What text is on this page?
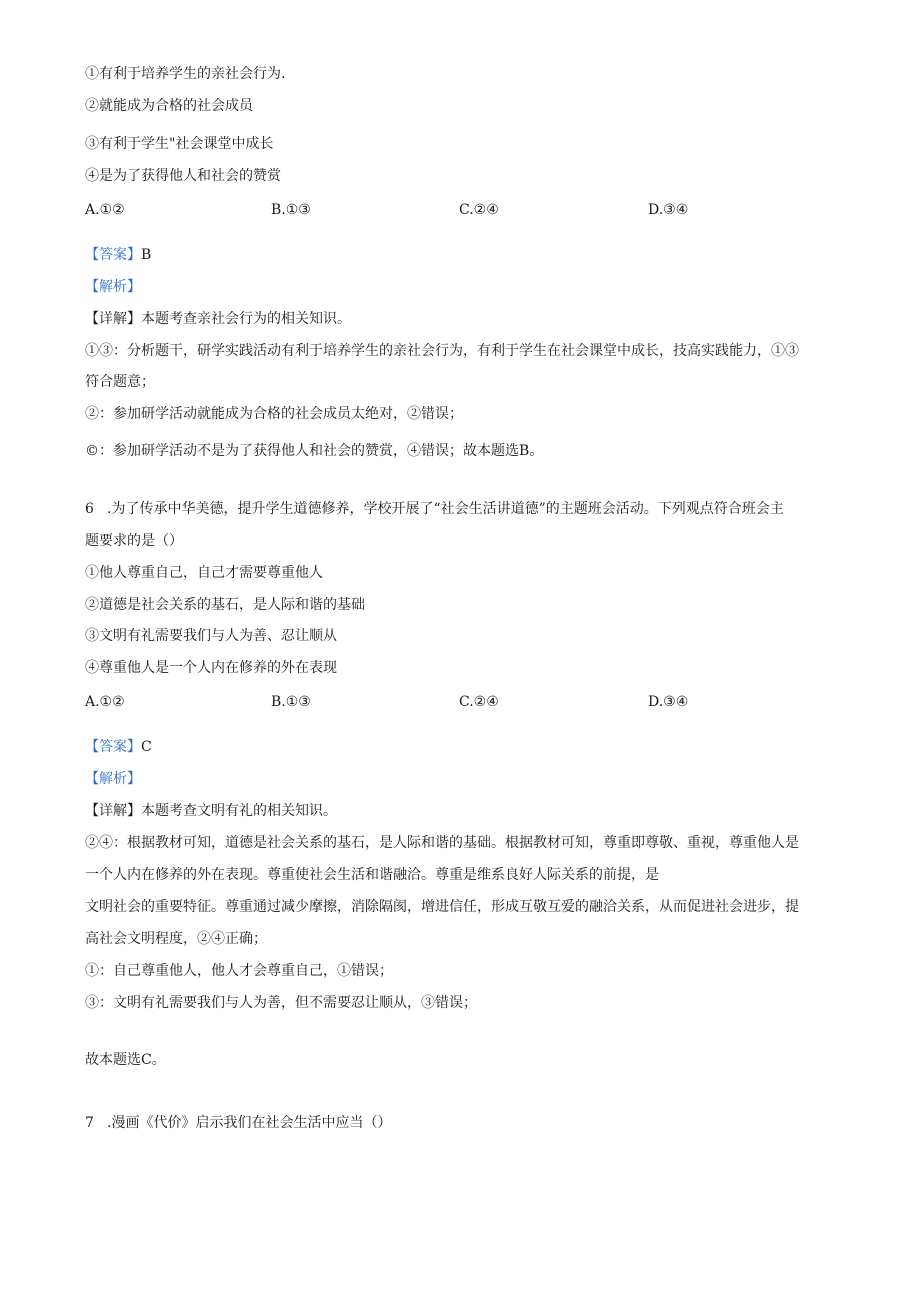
①有利于培养学生的亲社会行为.
②就能成为合格的社会成员
③有利于学生"社会课堂中成长
④是为了获得他人和社会的赞赏
A.①②	B.①③	C.②④	D.③④
【答案】B
【解析】
【详解】本题考查亲社会行为的相关知识。
①③：分析题干，研学实践活动有利于培养学生的亲社会行为，有利于学生在社会课堂中成长，技高实践能力，①③
符合题意；
②：参加研学活动就能成为合格的社会成员太绝对，②错误；
©：参加研学活动不是为了获得他人和社会的赞赏，④错误；故本题选B。
6 .为了传承中华美德，提升学生道德修养，学校开展了“社会生活讲道德”的主题班会活动。下列观点符合班会主
题要求的是（）
①他人尊重自己，自己才需要尊重他人
②道德是社会关系的基石，是人际和谐的基础
③文明有礼需要我们与人为善、忍让顺从
④尊重他人是一个人内在修养的外在表现
A.①②	B.①③	C.②④	D.③④
【答案】C
【解析】
【详解】本题考查文明有礼的相关知识。
②④：根据教材可知，道德是社会关系的基石，是人际和谐的基础。根据教材可知，尊重即尊敬、重视，尊重他人是
一个人内在修养的外在表现。尊重使社会生活和谐融洽。尊重是维系良好人际关系的前提，是
文明社会的重要特征。尊重通过减少摩擦，消除隔阂，增进信任，形成互敬互爱的融洽关系，从而促进社会进步，提
高社会文明程度，②④正确；
①：自己尊重他人，他人才会尊重自己，①错误；
③：文明有礼需要我们与人为善，但不需要忍让顺从，③错误；
故本题选C。
7 .漫画《代价》启示我们在社会生活中应当（）
